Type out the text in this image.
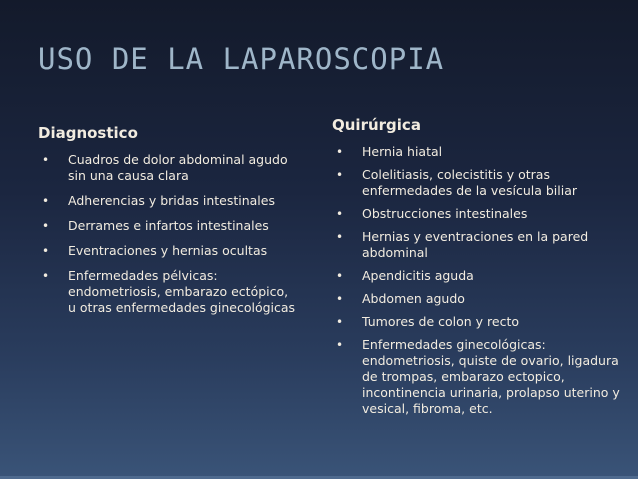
USO DE LA LAPAROSCOPIA
Diagnostico
• Cuadros de dolor abdominal agudo sin una causa clara
• Adherencias y bridas intestinales
• Derrames e infartos intestinales
• Eventraciones y hernias ocultas
• Enfermedades pélvicas: endometriosis, embarazo ectópico, u otras enfermedades ginecológicas
Quirúrgica
• Hernia hiatal
• Colelitiasis, colecistitis y otras enfermedades de la vesícula biliar
• Obstrucciones intestinales
• Hernias y eventraciones en la pared abdominal
• Apendicitis aguda
• Abdomen agudo
• Tumores de colon y recto
• Enfermedades ginecológicas: endometriosis, quiste de ovario, ligadura de trompas, embarazo ectopico, incontinencia urinaria, prolapso uterino y vesical, fibroma, etc.
